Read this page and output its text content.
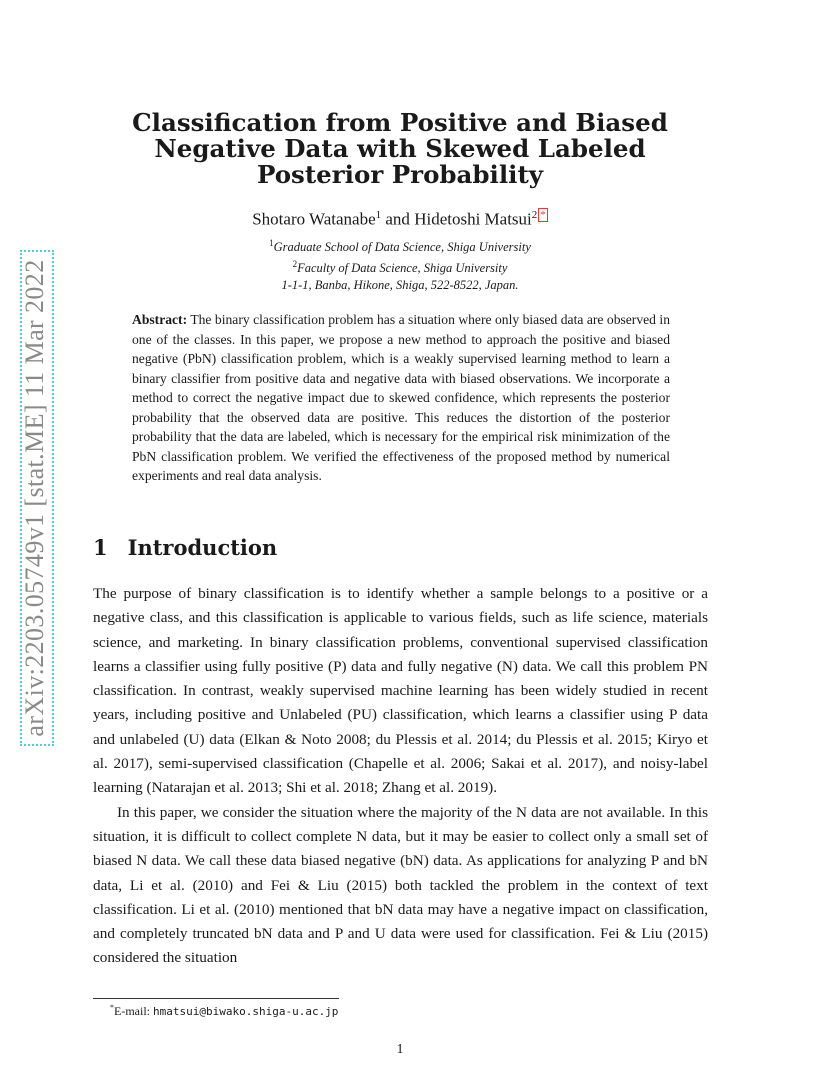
arXiv:2203.05749v1 [stat.ME] 11 Mar 2022
Classification from Positive and Biased Negative Data with Skewed Labeled Posterior Probability
Shotaro Watanabe$^1$ and Hidetoshi Matsui$^2$ *
$^1$Graduate School of Data Science, Shiga University
$^2$Faculty of Data Science, Shiga University
1-1-1, Banba, Hikone, Shiga, 522-8522, Japan.
Abstract: The binary classification problem has a situation where only biased data are observed in one of the classes. In this paper, we propose a new method to approach the positive and biased negative (PbN) classification problem, which is a weakly supervised learning method to learn a binary classifier from positive data and negative data with biased observations. We incorporate a method to correct the negative impact due to skewed confidence, which represents the posterior probability that the observed data are positive. This reduces the distortion of the posterior probability that the data are labeled, which is necessary for the empirical risk minimization of the PbN classification problem. We verified the effectiveness of the proposed method by numerical experiments and real data analysis.
1 Introduction

The purpose of binary classification is to identify whether a sample belongs to a positive or a negative class, and this classification is applicable to various fields, such as life science, materials science, and marketing. In binary classification problems, conventional supervised classification learns a classifier using fully positive (P) data and fully negative (N) data. We call this problem PN classification. In contrast, weakly supervised machine learning has been widely studied in recent years, including positive and Unlabeled (PU) classification, which learns a classifier using P data and unlabeled (U) data (Elkan & Noto 2008; du Plessis et al. 2014; du Plessis et al. 2015; Kiryo et al. 2017), semi-supervised classification (Chapelle et al. 2006; Sakai et al. 2017), and noisy-label learning (Natarajan et al. 2013; Shi et al. 2018; Zhang et al. 2019).

In this paper, we consider the situation where the majority of the N data are not available. In this situation, it is difficult to collect complete N data, but it may be easier to collect only a small set of biased N data. We call these data biased negative (bN) data. As applications for analyzing P and bN data, Li et al. (2010) and Fei & Liu (2015) both tackled the problem in the context of text classification. Li et al. (2010) mentioned that bN data may have a negative impact on classification, and completely truncated bN data and P and U data were used for classification. Fei & Liu (2015) considered the situation

*E-mail: hmatsui@biwako.shiga-u.ac.jp
1
